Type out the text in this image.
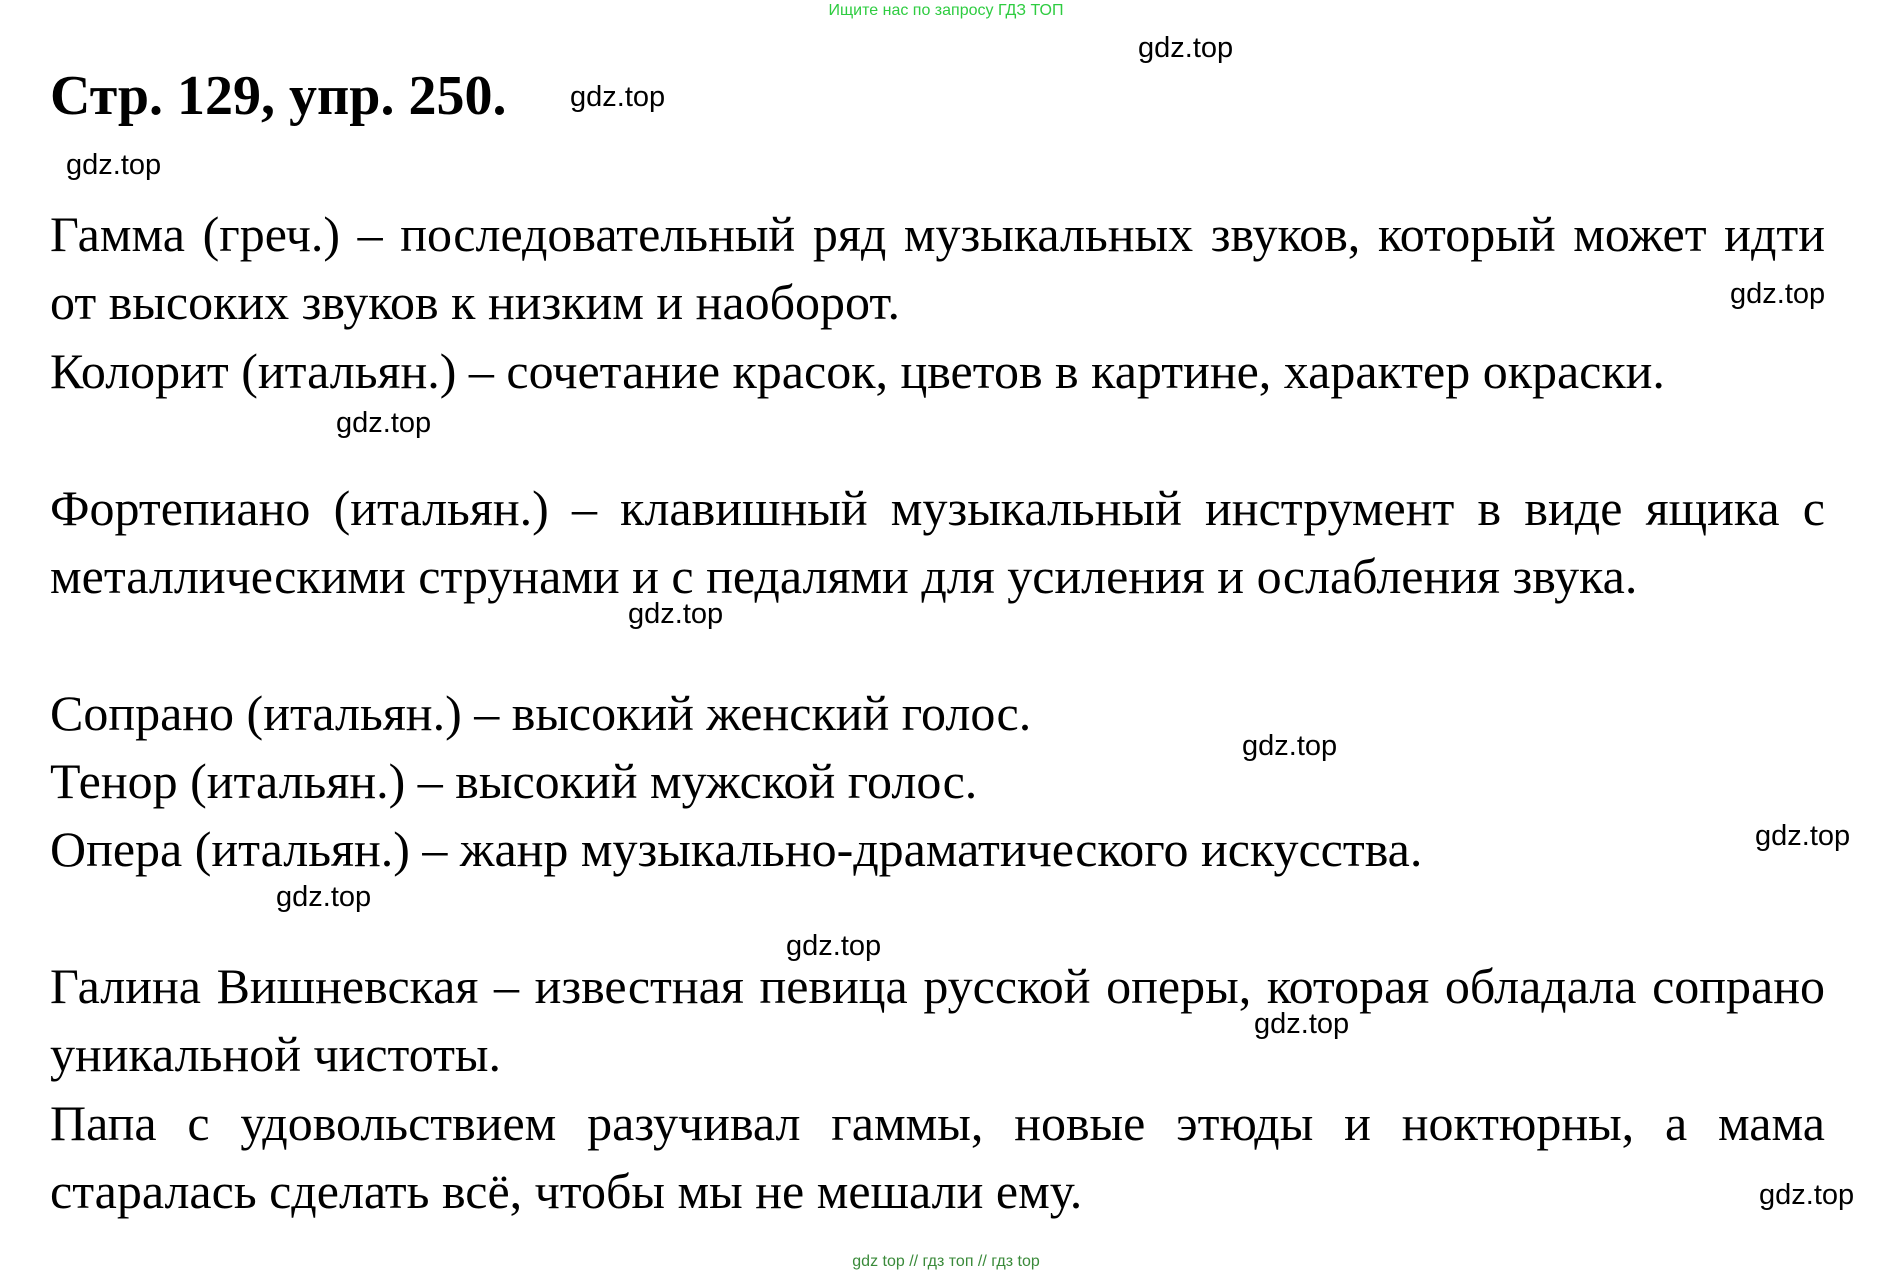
Ищите нас по запросу ГДЗ ТОП
Стр. 129, упр. 250.
Гамма (греч.) – последовательный ряд музыкальных звуков, который может идти от высоких звуков к низким и наоборот.
Колорит (итальян.) – сочетание красок, цветов в картине, характер окраски.
Фортепиано (итальян.) – клавишный музыкальный инструмент в виде ящика с металлическими струнами и с педалями для усиления и ослабления звука.
Сопрано (итальян.) – высокий женский голос.
Тенор (итальян.) – высокий мужской голос.
Опера (итальян.) – жанр музыкально-драматического искусства.
Галина Вишневская – известная певица русской оперы, которая обладала сопрано уникальной чистоты.
Папа с удовольствием разучивал гаммы, новые этюды и ноктюрны, а мама старалась сделать всё, чтобы мы не мешали ему.
gdz.top
gdz.top
gdz.top
gdz.top
gdz.top
gdz.top
gdz.top
gdz.top
gdz.top
gdz.top
gdz.top
gdz.top
gdz top // гдз топ // гдз top
